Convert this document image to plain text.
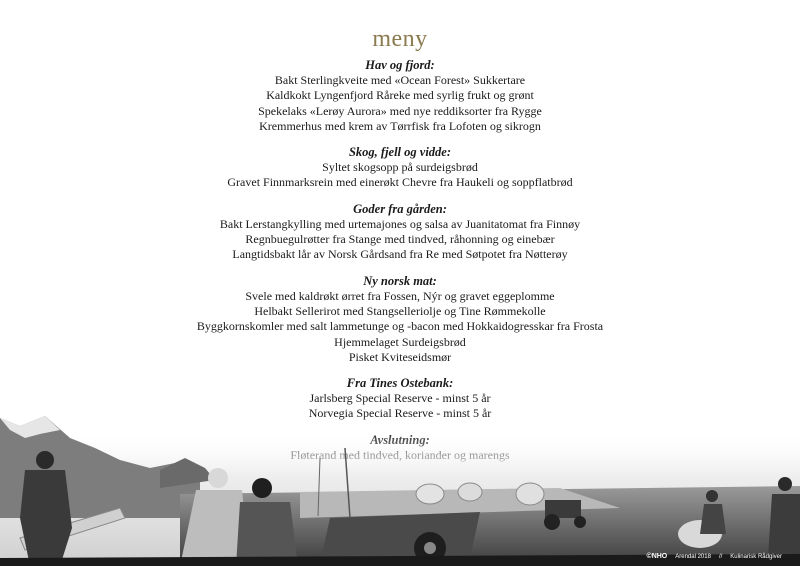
meny
Hav og fjord:
Bakt Sterlingkveite med «Ocean Forest» Sukkertare
Kaldkokt Lyngenfjord Råreke med syrlig frukt og grønt
Spekelaks «Lerøy Aurora» med nye reddiksorter fra Rygge
Kremmerhus med krem av Tørrfisk fra Lofoten og sikrogn
Skog, fjell og vidde:
Syltet skogsopp på surdeigsbrød
Gravet Finnmarksrein med einerøkt Chevre fra Haukeli og soppflatbrød
Goder fra gården:
Bakt Lerstangkylling med urtemajones og salsa av Juanitatomat fra Finnøy
Regnbuegulrøtter fra Stange med tindved, råhonning og einebær
Langtidsbakt lår av Norsk Gårdsand fra Re med Søtpotet fra Nøtterøy
Ny norsk mat:
Svele med kaldrøkt ørret fra Fossen, Nýr og gravet eggeplomme
Helbakt Sellerirot med Stangselleriolje og Tine Rømmekolle
Byggkornskomler med salt lammetunge og -bacon med Hokkaidogresskar fra Frosta
Hjemmelaget Surdeigsbrød
Pisket Kviteseidsmør
Fra Tines Ostebank:
Jarlsberg Special Reserve - minst 5 år
Norvegia Special Reserve - minst 5 år
©NHO Arendal 2018 // Kulinarisk Rådgiver
